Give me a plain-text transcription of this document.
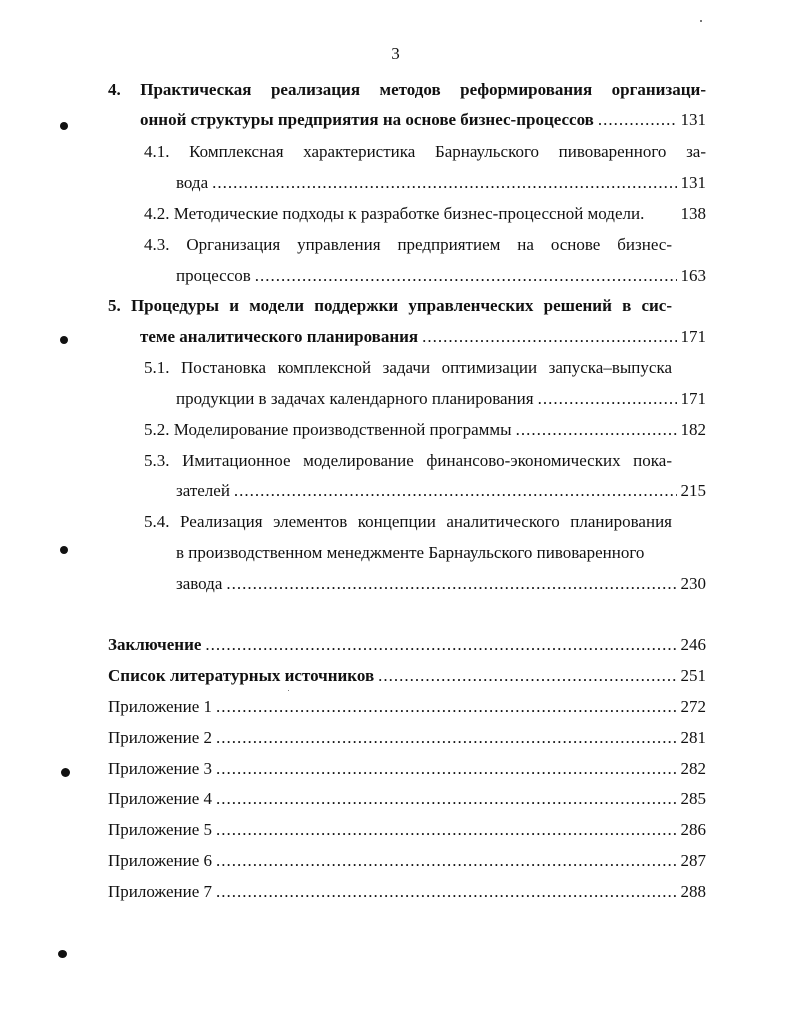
3
4. Практическая реализация методов реформирования организаци-
онной структуры предприятия на основе бизнес-процессов .....	131
4.1. Комплексная характеристика Барнаульского пивоваренного за-
вода .....	131
4.2. Методические подходы к разработке бизнес-процессной модели. 138
4.3. Организация управления предприятием на основе бизнес-
процессов .....	163
5. Процедуры и модели поддержки управленческих решений в сис-
теме аналитического планирования .....	171
5.1. Постановка комплексной задачи оптимизации запуска–выпуска
продукции в задачах календарного планирования .....	171
5.2. Моделирование производственной программы .....	182
5.3. Имитационное моделирование финансово-экономических пока-
зателей .....	215
5.4. Реализация элементов концепции аналитического планирования
в производственном менеджменте Барнаульского пивоваренного
завода .....	230
Заключение .....	246
Список литературных источников .....	251
Приложение 1 .....	272
Приложение 2 .....	281
Приложение 3 .....	282
Приложение 4 .....	285
Приложение 5 .....	286
Приложение 6 .....	287
Приложение 7 .....	288
